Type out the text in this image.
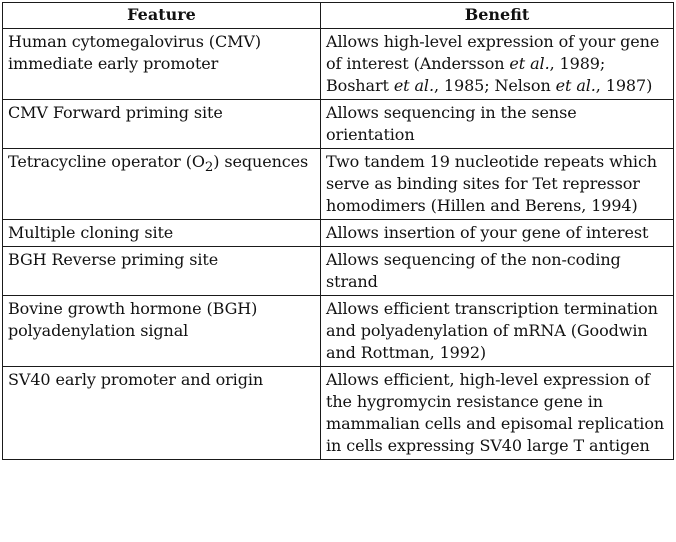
Feature	Benefit
Human cytomegalovirus (CMV) immediate early promoter	Allows high-level expression of your gene of interest (Andersson et al., 1989; Boshart et al., 1985; Nelson et al., 1987)
CMV Forward priming site	Allows sequencing in the sense orientation
Tetracycline operator $(O_2)$ sequences	Two tandem 19 nucleotide repeats which serve as binding sites for Tet repressor homodimers (Hillen and Berens, 1994)
Multiple cloning site	Allows insertion of your gene of interest
BGH Reverse priming site	Allows sequencing of the non-coding strand
Bovine growth hormone (BGH) polyadenylation signal	Allows efficient transcription termination and polyadenylation of mRNA (Goodwin and Rottman, 1992)
SV40 early promoter and origin	Allows efficient, high-level expression of the hygromycin resistance gene in mammalian cells and episomal replication in cells expressing SV40 large T antigen
